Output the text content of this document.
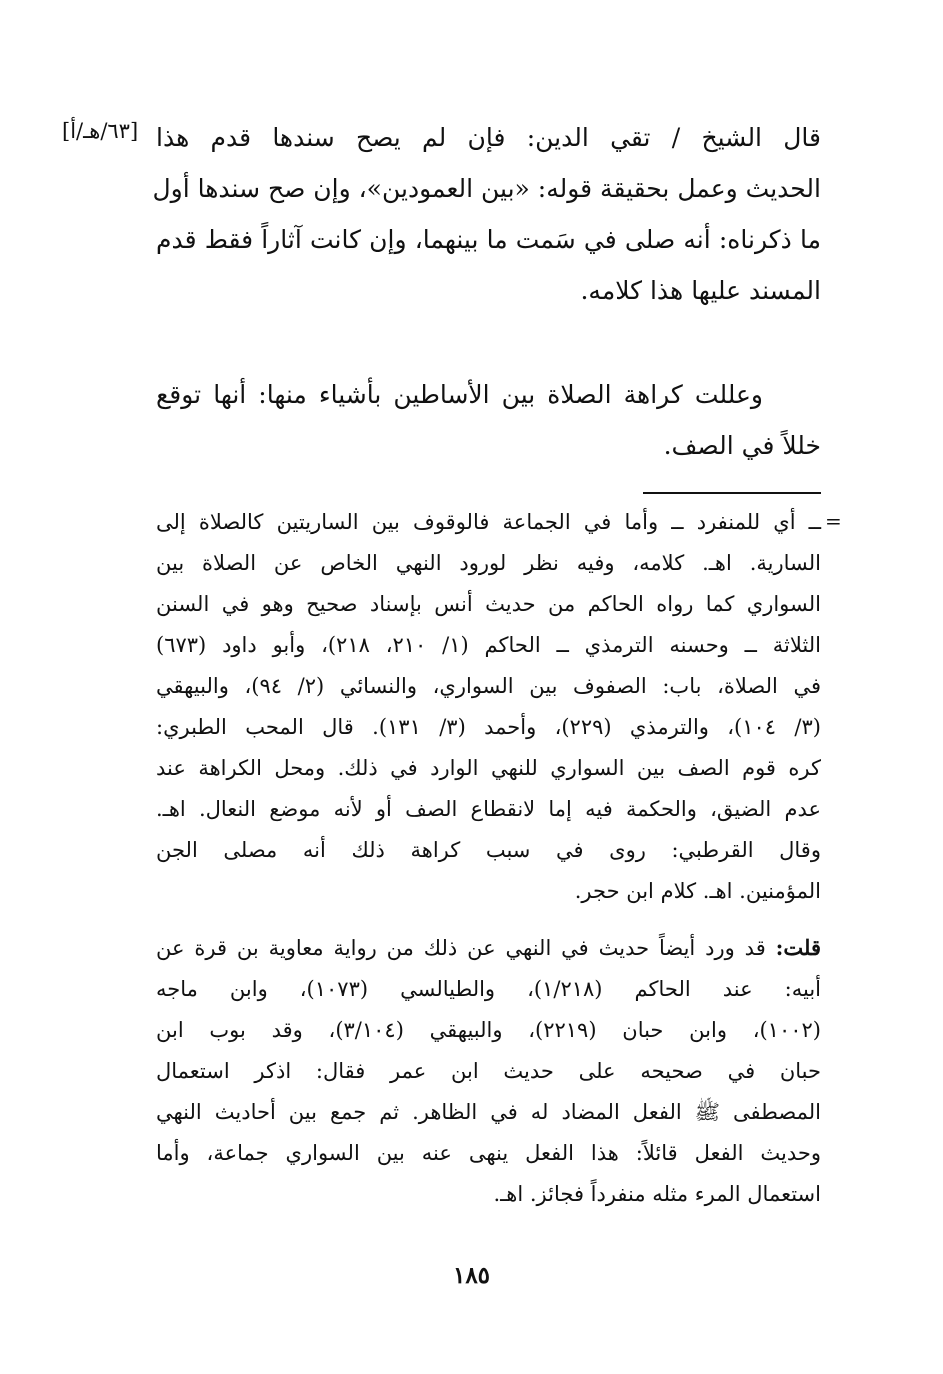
[٦٣/هـ/أ] قال الشيخ / تقي الدين: فإن لم يصح سندها قدم هذا
الحديث وعمل بحقيقة قوله: «بين العمودين»، وإن صح سندها أول
ما ذكرناه: أنه صلى في سَمت ما بينهما، وإن كانت آثاراً فقط قدم
المسند عليها هذا كلامه.
وعللت كراهة الصلاة بين الأساطين بأشياء منها: أنها توقع
خللاً في الصف.
=
ــ أي للمنفرد ــ وأما في الجماعة فالوقوف بين الساريتين كالصلاة إلى
السارية. اهـ. كلامه، وفيه نظر لورود النهي الخاص عن الصلاة بين
السواري كما رواه الحاكم من حديث أنس بإسناد صحيح وهو في السنن
الثلاثة ــ وحسنه الترمذي ــ الحاكم (١/ ٢١٠، ٢١٨)، وأبو داود (٦٧٣)
في الصلاة، باب: الصفوف بين السواري، والنسائي (٢/ ٩٤)، والبيهقي
(٣/ ١٠٤)، والترمذي (٢٢٩)، وأحمد (٣/ ١٣١). قال المحب الطبري:
كره قوم الصف بين السواري للنهي الوارد في ذلك. ومحل الكراهة عند
عدم الضيق، والحكمة فيه إما لانقطاع الصف أو لأنه موضع النعال. اهـ.
وقال القرطبي: روى في سبب كراهة ذلك أنه مصلى الجن
المؤمنين. اهـ. كلام ابن حجر.
قلت: قد ورد أيضاً حديث في النهي عن ذلك من رواية معاوية بن قرة عن
أبيه: عند الحاكم (١/٢١٨)، والطيالسي (١٠٧٣)، وابن ماجه
(١٠٠٢)، وابن حبان (٢٢١٩)، والبيهقي (٣/١٠٤)، وقد بوب ابن
حبان في صحيحه على حديث ابن عمر فقال: اذكر استعمال
المصطفى ﷺ الفعل المضاد له في الظاهر. ثم جمع بين أحاديث النهي
وحديث الفعل قائلاً: هذا الفعل ينهى عنه بين السواري جماعة، وأما
استعمال المرء مثله منفرداً فجائز. اهـ.
١٨٥
